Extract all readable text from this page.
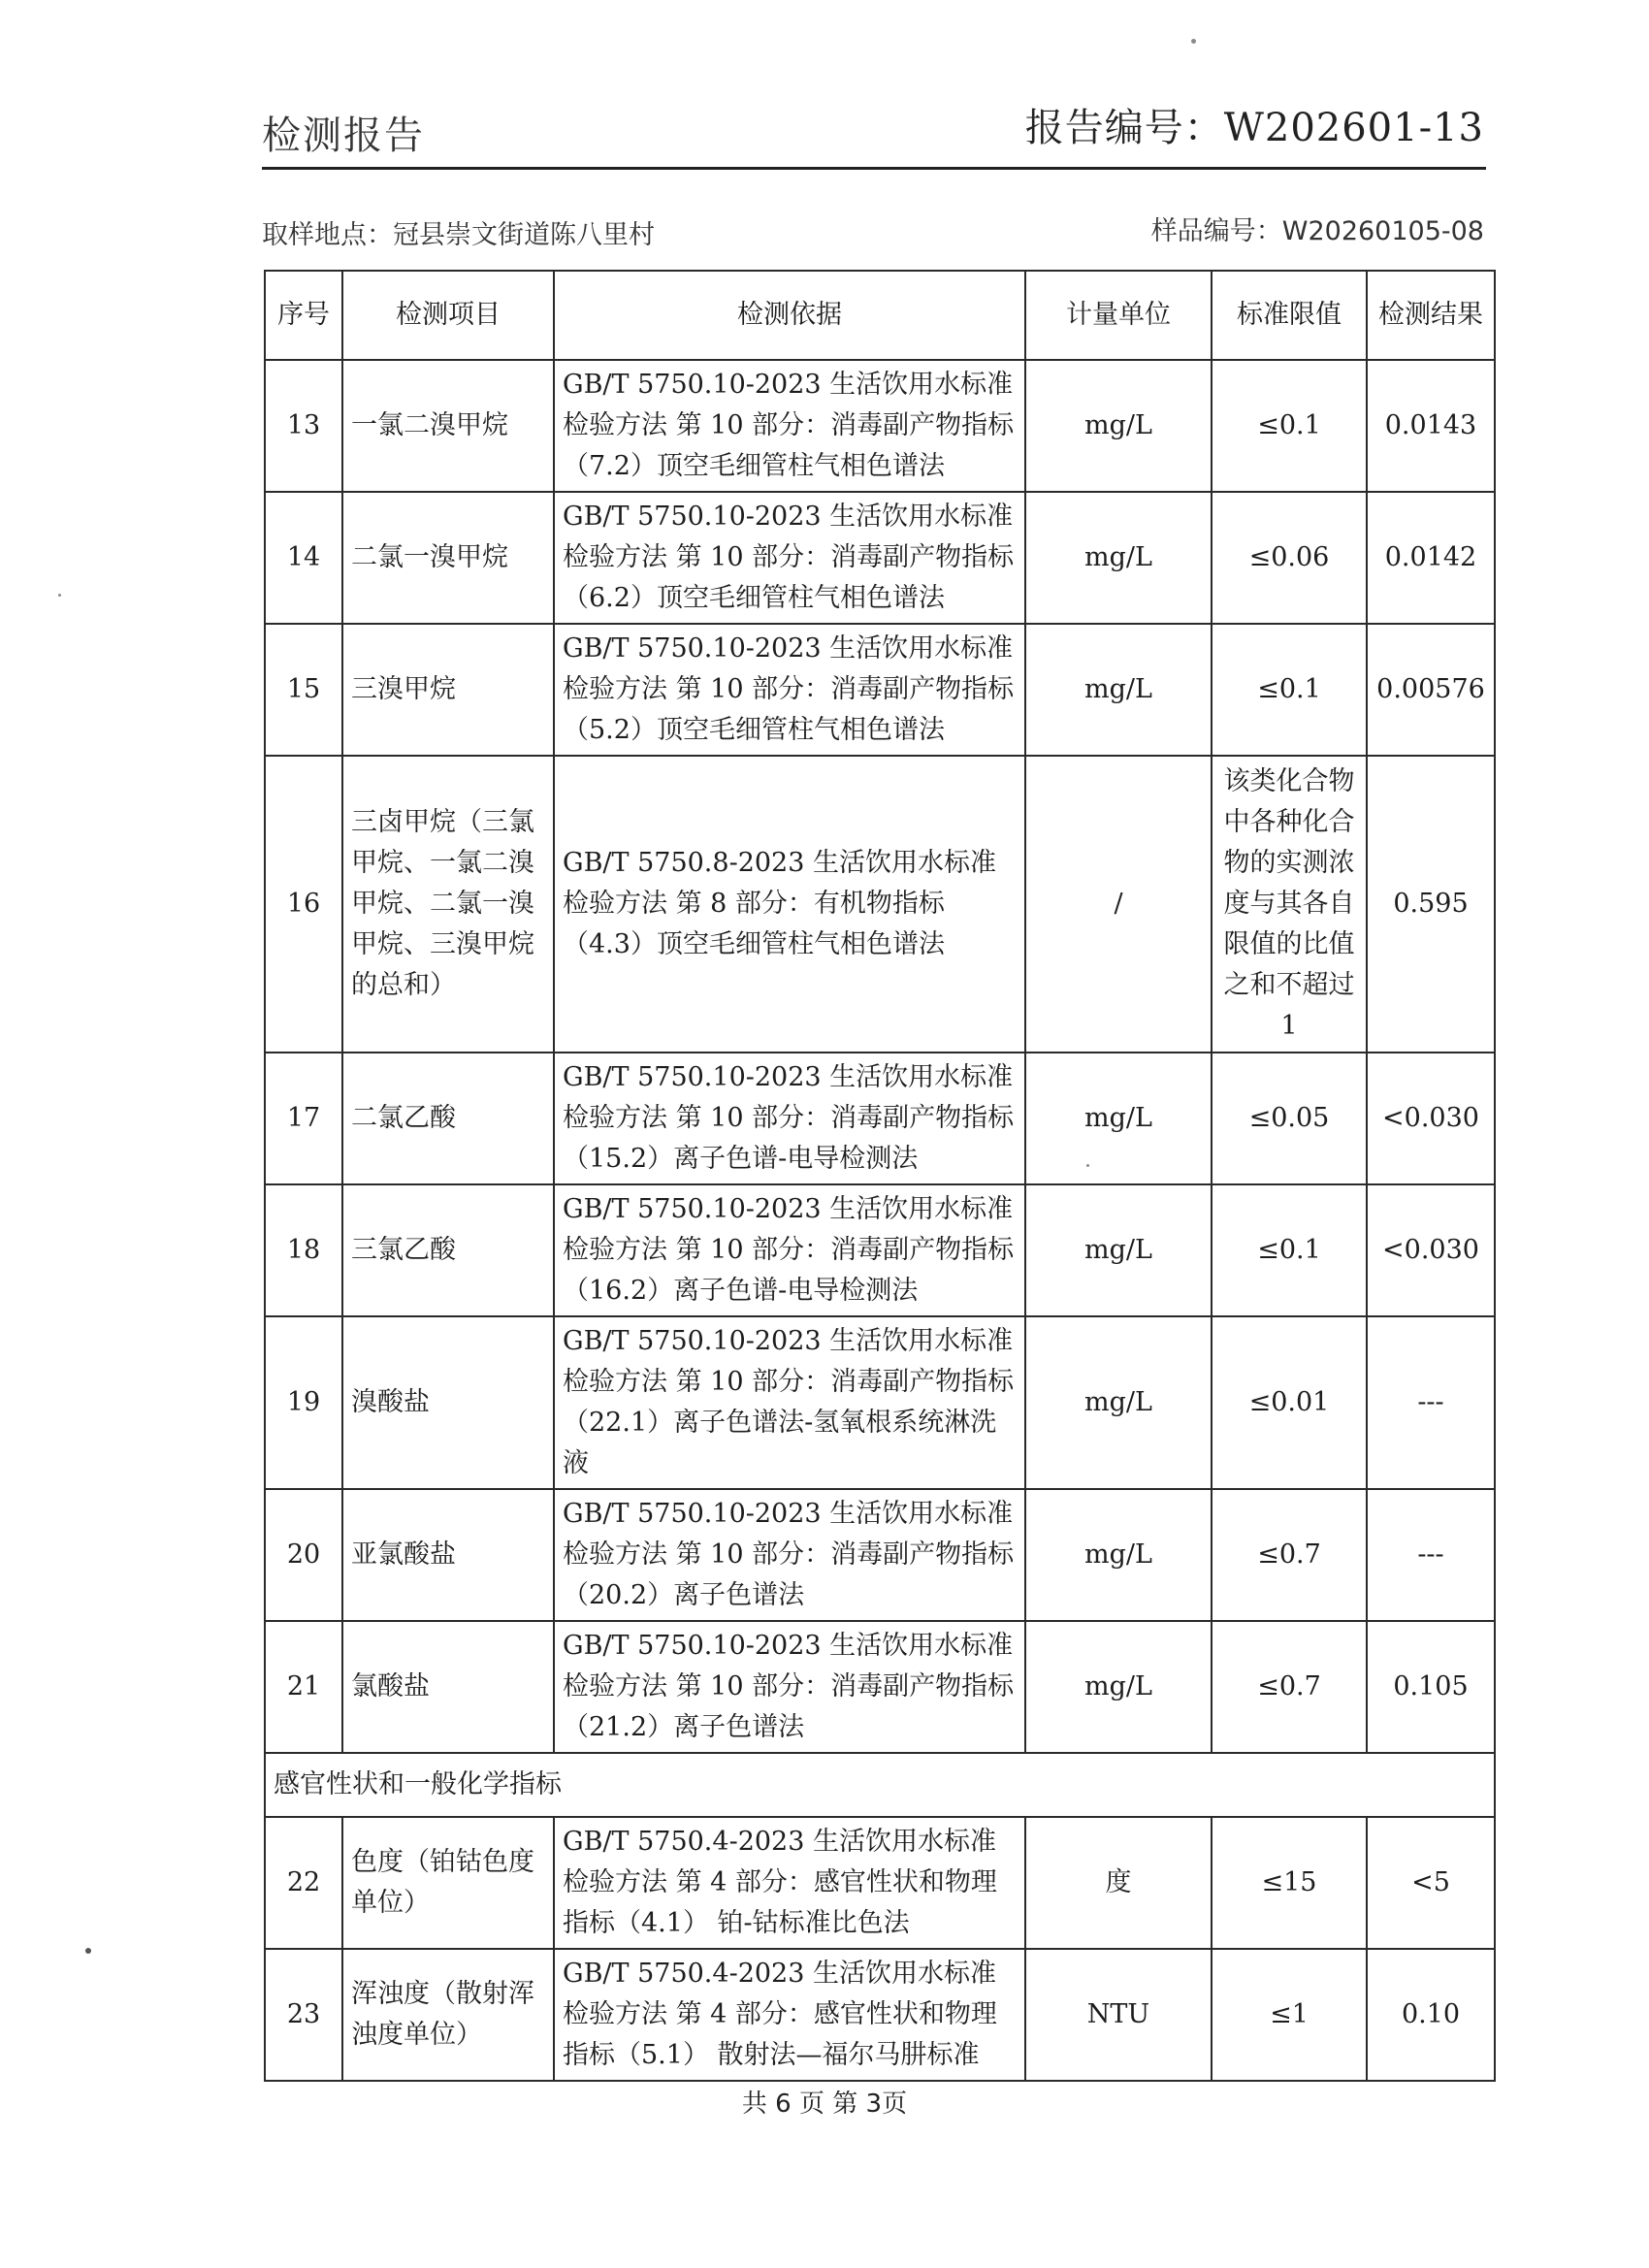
检测报告	报告编号：W202601-13
取样地点：冠县崇文街道陈八里村	样品编号：W20260105-08
序号	检测项目	检测依据	计量单位	标准限值	检测结果
13	一氯二溴甲烷	GB/T 5750.10-2023 生活饮用水标准检验方法 第 10 部分：消毒副产物指标（7.2）顶空毛细管柱气相色谱法	mg/L	≤0.1	0.0143
14	二氯一溴甲烷	GB/T 5750.10-2023 生活饮用水标准检验方法 第 10 部分：消毒副产物指标（6.2）顶空毛细管柱气相色谱法	mg/L	≤0.06	0.0142
15	三溴甲烷	GB/T 5750.10-2023 生活饮用水标准检验方法 第 10 部分：消毒副产物指标（5.2）顶空毛细管柱气相色谱法	mg/L	≤0.1	0.00576
16	三卤甲烷（三氯甲烷、一氯二溴甲烷、二氯一溴甲烷、三溴甲烷的总和）	GB/T 5750.8-2023 生活饮用水标准检验方法 第 8 部分：有机物指标（4.3）顶空毛细管柱气相色谱法	/	该类化合物中各种化合物的实测浓度与其各自限值的比值之和不超过1	0.595
17	二氯乙酸	GB/T 5750.10-2023 生活饮用水标准检验方法 第 10 部分：消毒副产物指标（15.2）离子色谱-电导检测法	mg/L	≤0.05	<0.030
18	三氯乙酸	GB/T 5750.10-2023 生活饮用水标准检验方法 第 10 部分：消毒副产物指标（16.2）离子色谱-电导检测法	mg/L	≤0.1	<0.030
19	溴酸盐	GB/T 5750.10-2023 生活饮用水标准检验方法 第 10 部分：消毒副产物指标（22.1）离子色谱法-氢氧根系统淋洗液	mg/L	≤0.01	---
20	亚氯酸盐	GB/T 5750.10-2023 生活饮用水标准检验方法 第 10 部分：消毒副产物指标（20.2）离子色谱法	mg/L	≤0.7	---
21	氯酸盐	GB/T 5750.10-2023 生活饮用水标准检验方法 第 10 部分：消毒副产物指标（21.2）离子色谱法	mg/L	≤0.7	0.105
感官性状和一般化学指标					
22	色度（铂钴色度单位）	GB/T 5750.4-2023 生活饮用水标准检验方法 第 4 部分：感官性状和物理指标（4.1） 铂-钴标准比色法	度	≤15	<5
23	浑浊度（散射浑浊度单位）	GB/T 5750.4-2023 生活饮用水标准检验方法 第 4 部分：感官性状和物理指标（5.1） 散射法—福尔马肼标准	NTU	≤1	0.10
共 6 页 第 3页
